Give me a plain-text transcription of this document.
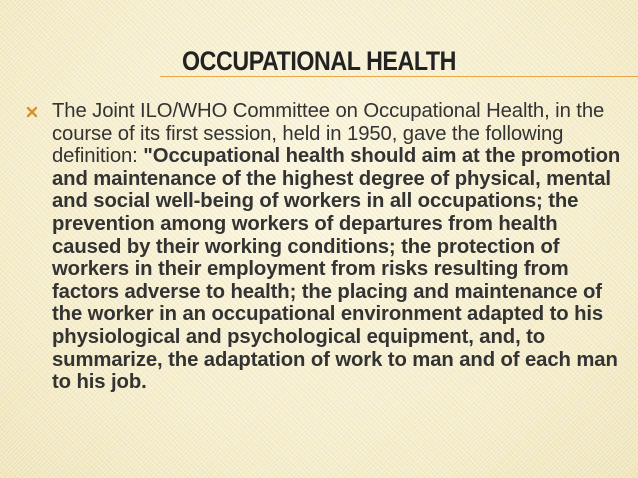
OCCUPATIONAL HEALTH
The Joint ILO/WHO Committee on Occupational Health, in the course of its first session, held in 1950, gave the following definition: "Occupational health should aim at the promotion and maintenance of the highest degree of physical, mental and social well-being of workers in all occupations; the prevention among workers of departures from health caused by their working conditions; the protection of workers in their employment from risks resulting from factors adverse to health; the placing and maintenance of the worker in an occupational environment adapted to his physiological and psychological equipment, and, to summarize, the adaptation of work to man and of each man to his job.
